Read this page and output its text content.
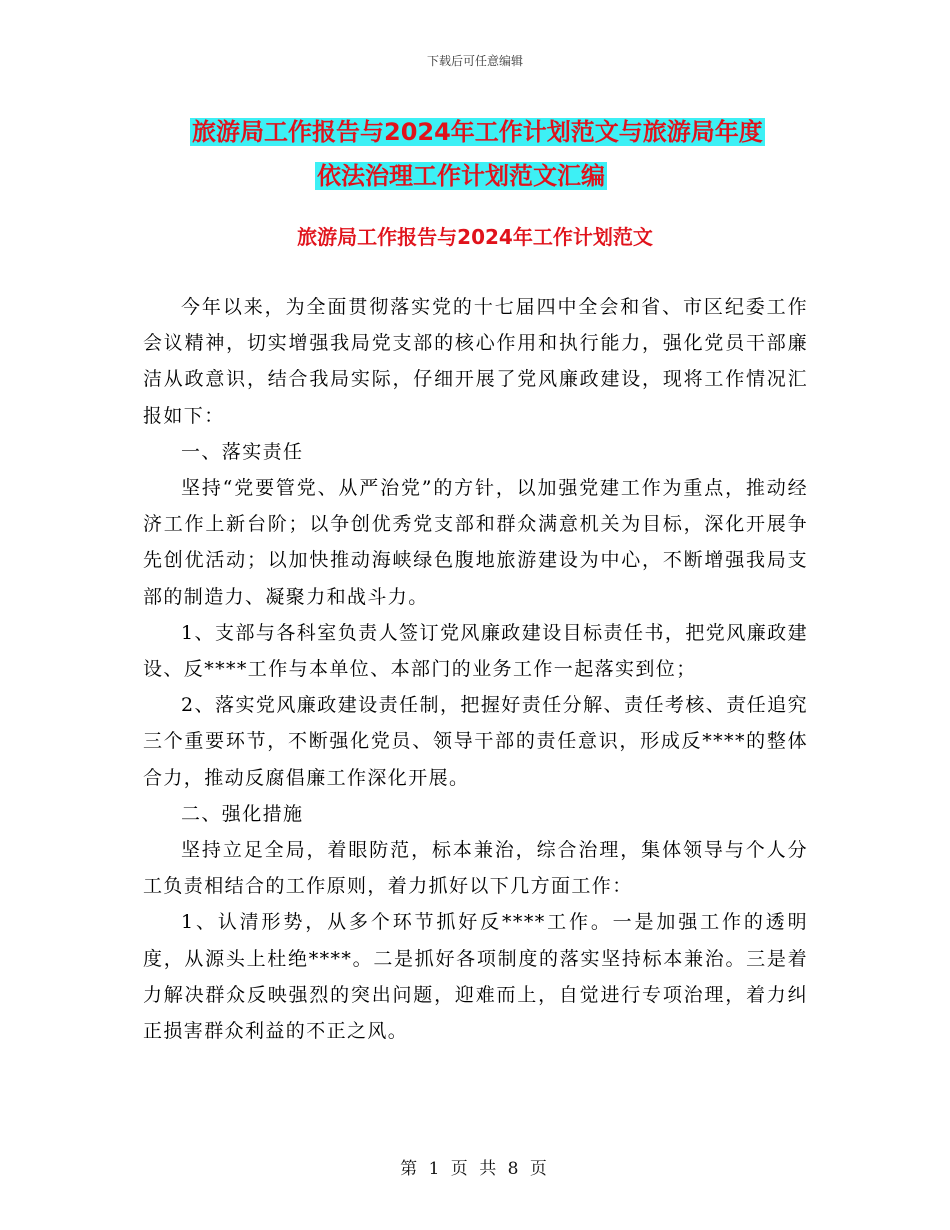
下载后可任意编辑
旅游局工作报告与2024年工作计划范文与旅游局年度
依法治理工作计划范文汇编
旅游局工作报告与2024年工作计划范文

今年以来，为全面贯彻落实党的十七届四中全会和省、市区纪委工作会议精神，切实增强我局党支部的核心作用和执行能力，强化党员干部廉洁从政意识，结合我局实际，仔细开展了党风廉政建设，现将工作情况汇报如下：

一、落实责任

坚持“党要管党、从严治党”的方针，以加强党建工作为重点，推动经济工作上新台阶；以争创优秀党支部和群众满意机关为目标，深化开展争先创优活动；以加快推动海峡绿色腹地旅游建设为中心，不断增强我局支部的制造力、凝聚力和战斗力。

1、支部与各科室负责人签订党风廉政建设目标责任书，把党风廉政建设、反****工作与本单位、本部门的业务工作一起落实到位；

2、落实党风廉政建设责任制，把握好责任分解、责任考核、责任追究三个重要环节，不断强化党员、领导干部的责任意识，形成反****的整体合力，推动反腐倡廉工作深化开展。

二、强化措施

坚持立足全局，着眼防范，标本兼治，综合治理，集体领导与个人分工负责相结合的工作原则，着力抓好以下几方面工作：

1、认清形势，从多个环节抓好反****工作。一是加强工作的透明度，从源头上杜绝****。二是抓好各项制度的落实坚持标本兼治。三是着力解决群众反映强烈的突出问题，迎难而上，自觉进行专项治理，着力纠正损害群众利益的不正之风。

第 1 页 共 8 页
